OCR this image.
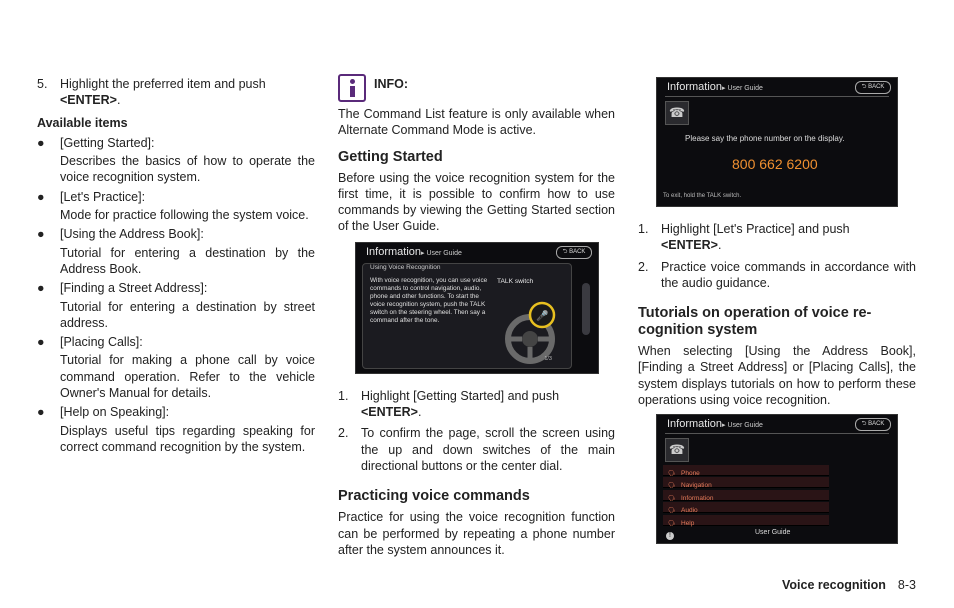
5. Highlight the preferred item and push
<ENTER>.

Available items

● [Getting Started]:

Describes the basics of how to operate the voice recognition system.

● [Let's Practice]:

Mode for practice following the system voice.

● [Using the Address Book]:

Tutorial for entering a destination by the Address Book.

● [Finding a Street Address]:

Tutorial for entering a destination by street address.

● [Placing Calls]:

Tutorial for making a phone call by voice command operation. Refer to the vehicle Owner's Manual for details.

● [Help on Speaking]:

Displays useful tips regarding speaking for correct command recognition by the system.

INFO:

The Command List feature is only available when Alternate Command Mode is active.

Getting Started

Before using the voice recognition system for the first time, it is possible to confirm how to use commands by viewing the Getting Started section of the User Guide.

Information▸ User Guide	⮌ BACK
Using Voice Recognition
With voice recognition, you can use voice commands to control navigation, audio, phone and other functions. To start the voice recognition system, push the TALK switch on the steering wheel. Then say a command after the tone.
TALK switch
🎤
1/3
1. Highlight [Getting Started] and push
<ENTER>.
2. To confirm the page, scroll the screen using the up and down switches of the main directional buttons or the center dial.
Practicing voice commands

Practice for using the voice recognition function can be performed by repeating a phone number after the system announces it.

Information▸ User Guide	⮌ BACK
☎
Please say the phone number on the display.
800 662 6200
To exit, hold the TALK switch.
1. Highlight [Let's Practice] and push
<ENTER>.
2. Practice voice commands in accordance with the audio guidance.
Tutorials on operation of voice re-cognition system

When selecting [Using the Address Book], [Finding a Street Address] or [Placing Calls], the system displays tutorials on how to perform these operations using voice recognition.

Information▸ User Guide	⮌ BACK
☎
🗣 Phone
🗣 Navigation
🗣 Information
🗣 Audio
🗣 Help
!	User Guide
Voice recognition 8-3
